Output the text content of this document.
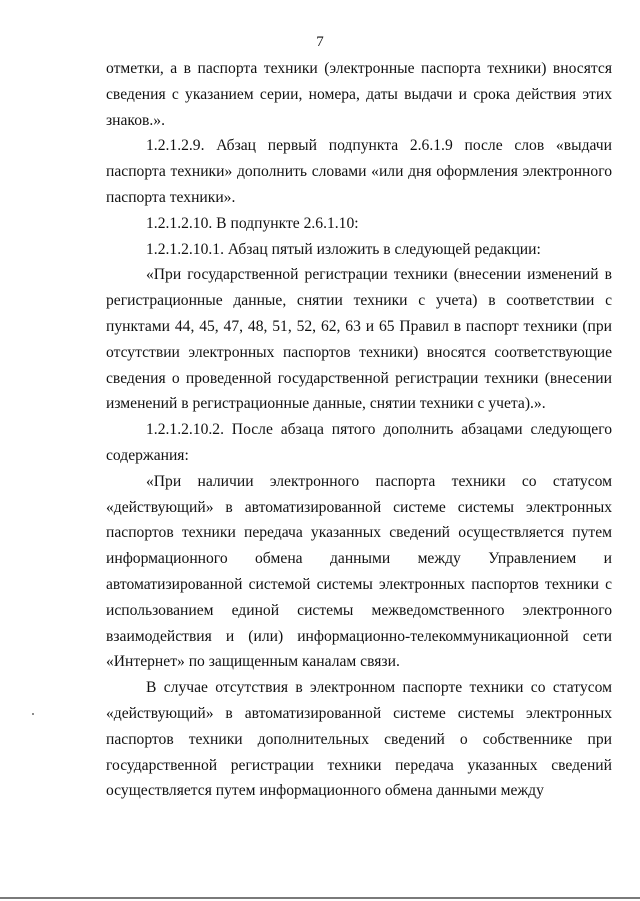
7

отметки, а в паспорта техники (электронные паспорта техники) вносятся сведения с указанием серии, номера, даты выдачи и срока действия этих знаков.».

1.2.1.2.9. Абзац первый подпункта 2.6.1.9 после слов «выдачи паспорта техники» дополнить словами «или дня оформления электронного паспорта техники».

1.2.1.2.10. В подпункте 2.6.1.10:

1.2.1.2.10.1. Абзац пятый изложить в следующей редакции:

«При государственной регистрации техники (внесении изменений в регистрационные данные, снятии техники с учета) в соответствии с пунктами 44, 45, 47, 48, 51, 52, 62, 63 и 65 Правил в паспорт техники (при отсутствии электронных паспортов техники) вносятся соответствующие сведения о проведенной государственной регистрации техники (внесении изменений в регистрационные данные, снятии техники с учета).».

1.2.1.2.10.2. После абзаца пятого дополнить абзацами следующего содержания:

«При наличии электронного паспорта техники со статусом «действующий» в автоматизированной системе системы электронных паспортов техники передача указанных сведений осуществляется путем информационного обмена данными между Управлением и автоматизированной системой системы электронных паспортов техники с использованием единой системы межведомственного электронного взаимодействия и (или) информационно-телекоммуникационной сети «Интернет» по защищенным каналам связи.

В случае отсутствия в электронном паспорте техники со статусом «действующий» в автоматизированной системе системы электронных паспортов техники дополнительных сведений о собственнике при государственной регистрации техники передача указанных сведений осуществляется путем информационного обмена данными между
